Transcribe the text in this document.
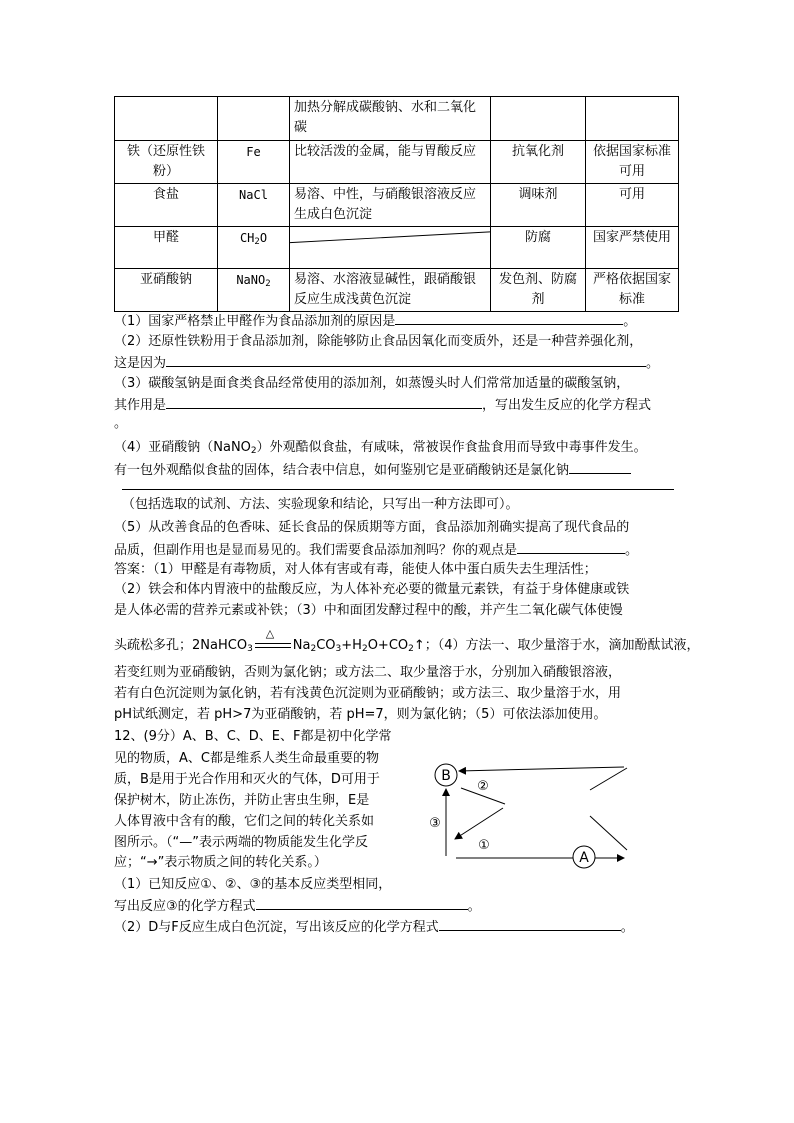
		加热分解成碳酸钠、水和二氧化碳		
铁（还原性铁粉）	Fe	比较活泼的金属，能与胃酸反应	抗氧化剂	依据国家标准可用
食盐	NaCl	易溶、中性，与硝酸银溶液反应生成白色沉淀	调味剂	可用
甲醛	$CH_2O$		防腐	国家严禁使用
亚硝酸钠	NaNO$_2$	易溶、水溶液显碱性，跟硝酸银反应生成浅黄色沉淀	发色剂、防腐剂	严格依据国家标准
（1）国家严格禁止甲醛作为食品添加剂的原因是	。
（2）还原性铁粉用于食品添加剂，除能够防止食品因氧化而变质外，还是一种营养强化剂，
这是因为	。
（3）碳酸氢钠是面食类食品经常使用的添加剂，如蒸馒头时人们常常加适量的碳酸氢钠，
其作用是	，写出发生反应的化学方程式
。
（4）亚硝酸钠（NaNO$_2$）外观酷似食盐，有咸味，常被误作食盐食用而导致中毒事件发生。
有一包外观酷似食盐的固体，结合表中信息，如何鉴别它是亚硝酸钠还是氯化钠
（包括选取的试剂、方法、实验现象和结论，只写出一种方法即可）。
（5）从改善食品的色香味、延长食品的保质期等方面，食品添加剂确实提高了现代食品的
品质，但副作用也是显而易见的。我们需要食品添加剂吗？你的观点是	。
答案：（1）甲醛是有毒物质，对人体有害或有毒，能使人体中蛋白质失去生理活性；
（2）铁会和体内胃液中的盐酸反应，为人体补充必要的微量元素铁，有益于身体健康或铁
是人体必需的营养元素或补铁；（3）中和面团发酵过程中的酸，并产生二氧化碳气体使馒
头疏松多孔；2NaHCO$_3$
△
$Na_2CO_3+H_2O+CO_2↑$；（4）方法一、取少量溶于水，滴加酚酞试液，
若变红则为亚硝酸钠，否则为氯化钠；或方法二、取少量溶于水，分别加入硝酸银溶液，
若有白色沉淀则为氯化钠，若有浅黄色沉淀则为亚硝酸钠；或方法三、取少量溶于水，用
pH试纸测定，若 pH>7为亚硝酸钠，若 pH=7，则为氯化钠；（5）可依法添加使用。
12、(9分）A、B、C、D、E、F都是初中化学常
见的物质，A、C都是维系人类生命最重要的物
质，B是用于光合作用和灭火的气体，D可用于
保护树木，防止冻伤，并防止害虫生卵，E是
人体胃液中含有的酸，它们之间的转化关系如
图所示。（“—”表示两端的物质能发生化学反
应；“→”表示物质之间的转化关系。）
（1）已知反应①、②、③的基本反应类型相同，
写出反应③的化学方程式	。
（2）D与F反应生成白色沉淀，写出该反应的化学方程式	。
B
②
③
①
A
